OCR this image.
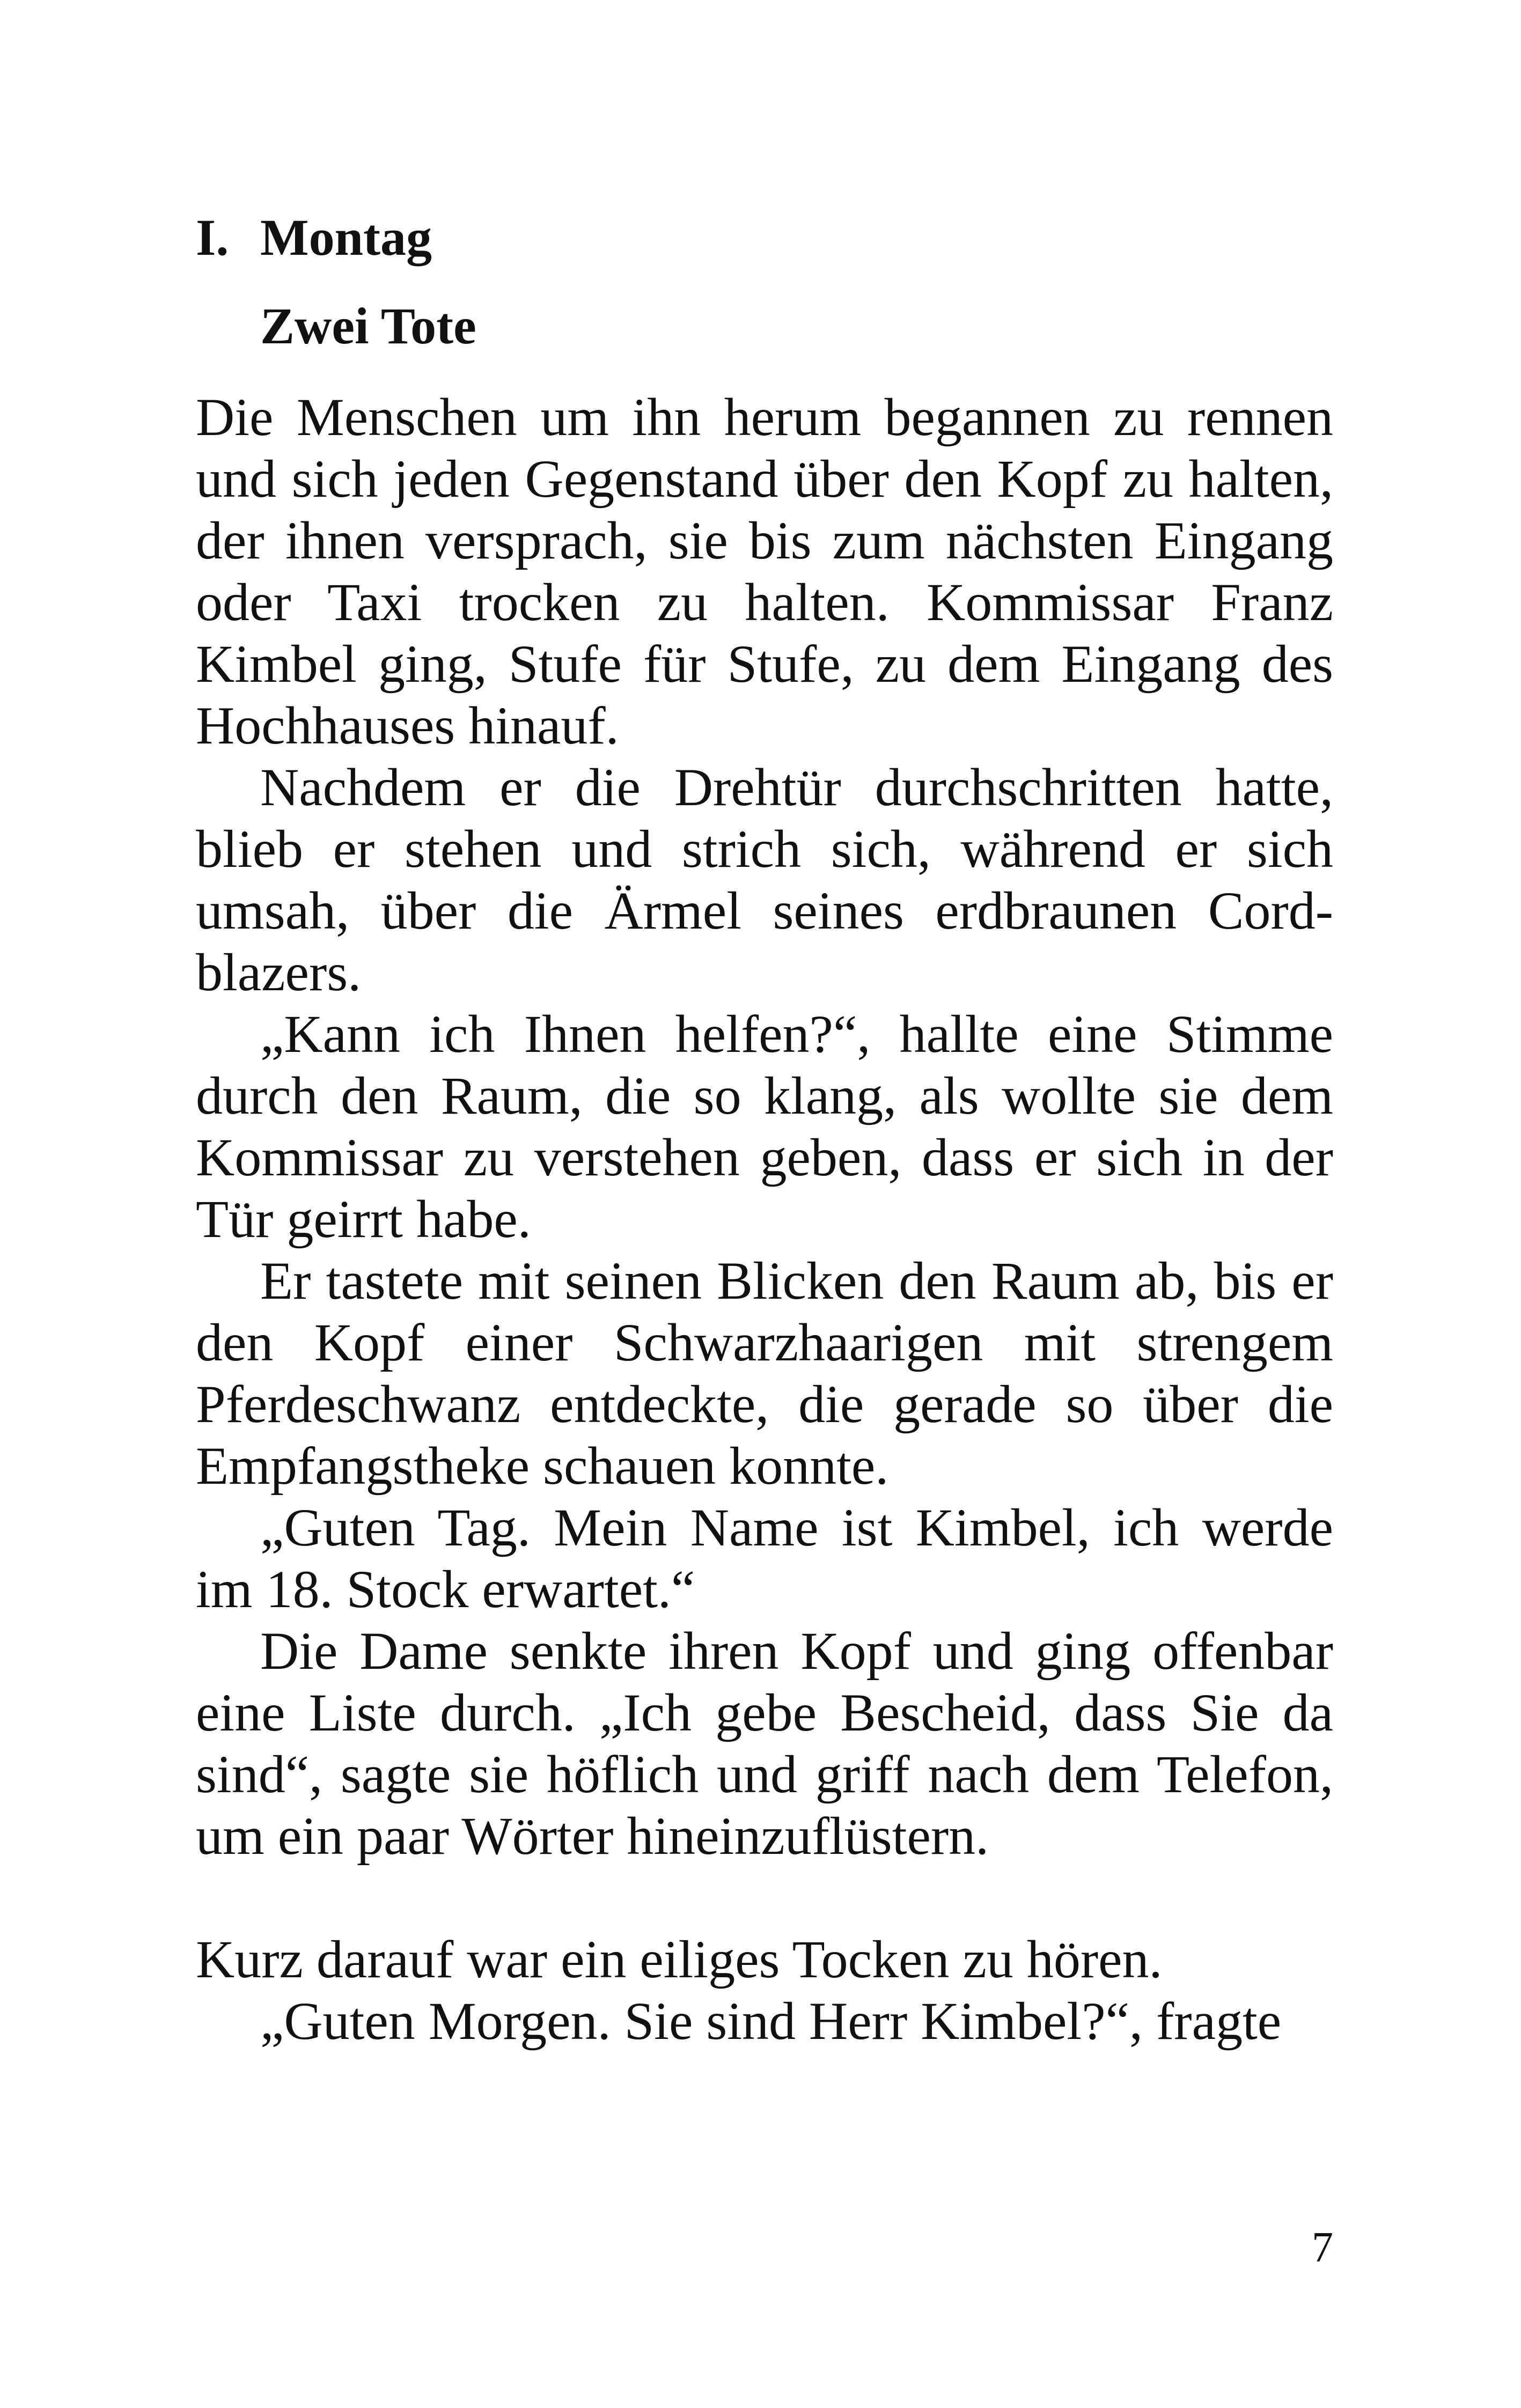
I. Montag
Zwei Tote

Die Menschen um ihn herum begannen zu rennen und sich jeden Gegenstand über den Kopf zu halten, der ihnen versprach, sie bis zum nächsten Eingang oder Taxi trocken zu halten. Kommissar Franz Kimbel ging, Stufe für Stufe, zu dem Eingang des Hochhauses hinauf.

Nachdem er die Drehtür durchschritten hatte, blieb er stehen und strich sich, während er sich umsah, über die Ärmel seines erdbraunen Cordblazers.

„Kann ich Ihnen helfen?“, hallte eine Stimme durch den Raum, die so klang, als wollte sie dem Kommissar zu verstehen geben, dass er sich in der Tür geirrt habe.

Er tastete mit seinen Blicken den Raum ab, bis er den Kopf einer Schwarzhaarigen mit strengem Pferdeschwanz entdeckte, die gerade so über die Empfangstheke schauen konnte.

„Guten Tag. Mein Name ist Kimbel, ich werde im 18. Stock erwartet.“

Die Dame senkte ihren Kopf und ging offenbar eine Liste durch. „Ich gebe Bescheid, dass Sie da sind“, sagte sie höflich und griff nach dem Telefon, um ein paar Wörter hineinzuflüstern.

Kurz darauf war ein eiliges Tocken zu hören.

„Guten Morgen. Sie sind Herr Kimbel?“, fragte

7
